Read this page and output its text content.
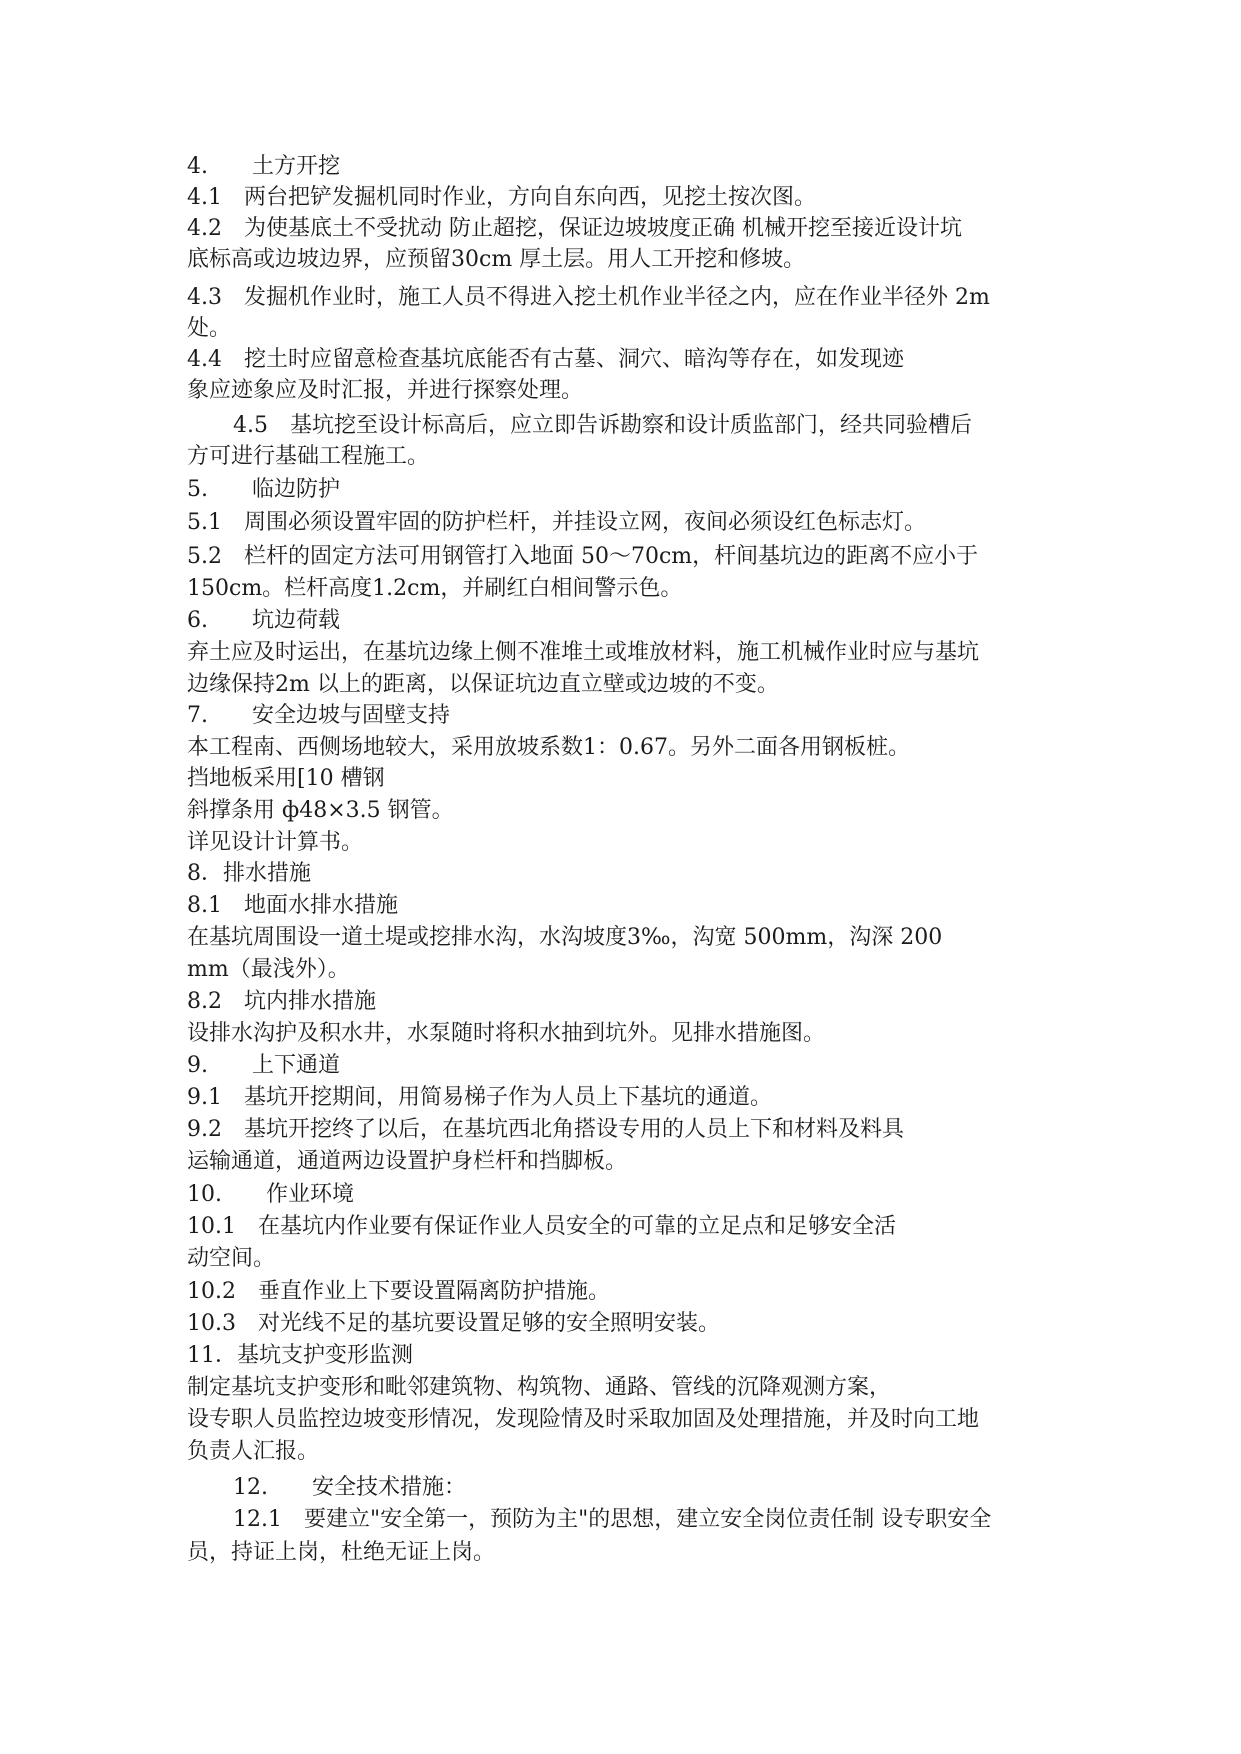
4.　　土方开挖
4.1　两台把铲发掘机同时作业，方向自东向西，见挖土按次图。
4.2　为使基底土不受扰动 防止超挖，保证边坡坡度正确 机械开挖至接近设计坑
底标高或边坡边界，应预留30cm 厚土层。用人工开挖和修坡。
4.3　发掘机作业时，施工人员不得进入挖土机作业半径之内，应在作业半径外 2m
处。
4.4　挖土时应留意检查基坑底能否有古墓、洞穴、暗沟等存在，如发现迹
象应迹象应及时汇报，并进行探察处理。
4.5　基坑挖至设计标高后，应立即告诉勘察和设计质监部门，经共同验槽后
方可进行基础工程施工。
5.　　临边防护
5.1　周围必须设置牢固的防护栏杆，并挂设立网，夜间必须设红色标志灯。
5.2　栏杆的固定方法可用钢管打入地面 50～70cm，杆间基坑边的距离不应小于
150cm。栏杆高度1.2cm，并刷红白相间警示色。
6.　　坑边荷载
弃土应及时运出，在基坑边缘上侧不准堆土或堆放材料，施工机械作业时应与基坑
边缘保持2m 以上的距离，以保证坑边直立壁或边坡的不变。
7.　　安全边坡与固壁支持
本工程南、西侧场地较大，采用放坡系数1：0.67。另外二面各用钢板桩。
挡地板采用[10 槽钢
斜撑条用 ф48×3.5 钢管。
详见设计计算书。
8．排水措施
8.1　地面水排水措施
在基坑周围设一道土堤或挖排水沟，水沟坡度3‰，沟宽 500mm，沟深 200
mm（最浅外）。
8.2　坑内排水措施
设排水沟护及积水井，水泵随时将积水抽到坑外。见排水措施图。
9.　　上下通道
9.1　基坑开挖期间，用简易梯子作为人员上下基坑的通道。
9.2　基坑开挖终了以后，在基坑西北角搭设专用的人员上下和材料及料具
运输通道，通道两边设置护身栏杆和挡脚板。
10.　　作业环境
10.1　在基坑内作业要有保证作业人员安全的可靠的立足点和足够安全活
动空间。
10.2　垂直作业上下要设置隔离防护措施。
10.3　对光线不足的基坑要设置足够的安全照明安装。
11．基坑支护变形监测
制定基坑支护变形和毗邻建筑物、构筑物、通路、管线的沉降观测方案，
设专职人员监控边坡变形情况，发现险情及时采取加固及处理措施，并及时向工地
负责人汇报。
12.　　安全技术措施：
12.1　要建立"安全第一，预防为主"的思想，建立安全岗位责任制 设专职安全
员，持证上岗，杜绝无证上岗。
